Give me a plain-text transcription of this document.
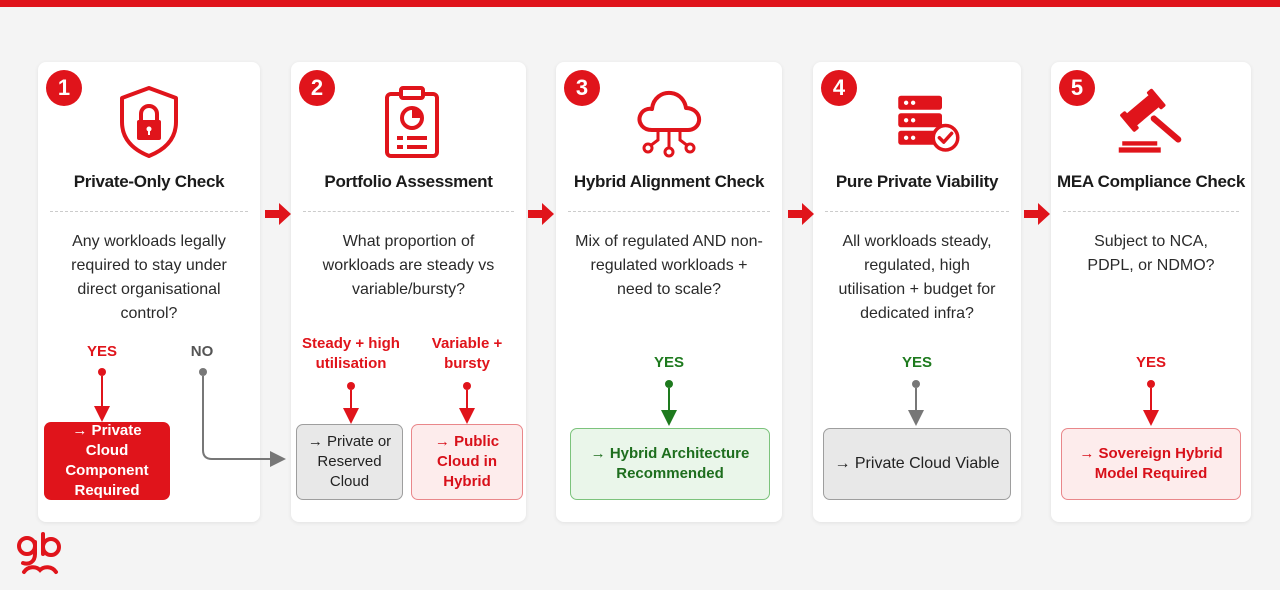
1
Private-Only Check
Any workloads legally required to stay under direct organisational control?
YES	NO
→ Private Cloud Component Required
2
Portfolio Assessment
What proportion of workloads are steady vs variable/bursty?
Steady + high utilisation
Variable + bursty
→ Private or Reserved Cloud
→ Public Cloud in Hybrid
3
Hybrid Alignment Check
Mix of regulated AND non-regulated workloads + need to scale?
YES
→ Hybrid Architecture Recommended
4
Pure Private Viability
All workloads steady, regulated, high utilisation + budget for dedicated infra?
YES
→ Private Cloud Viable
5
MEA Compliance Check
Subject to NCA, PDPL, or NDMO?
YES
→ Sovereign Hybrid Model Required
